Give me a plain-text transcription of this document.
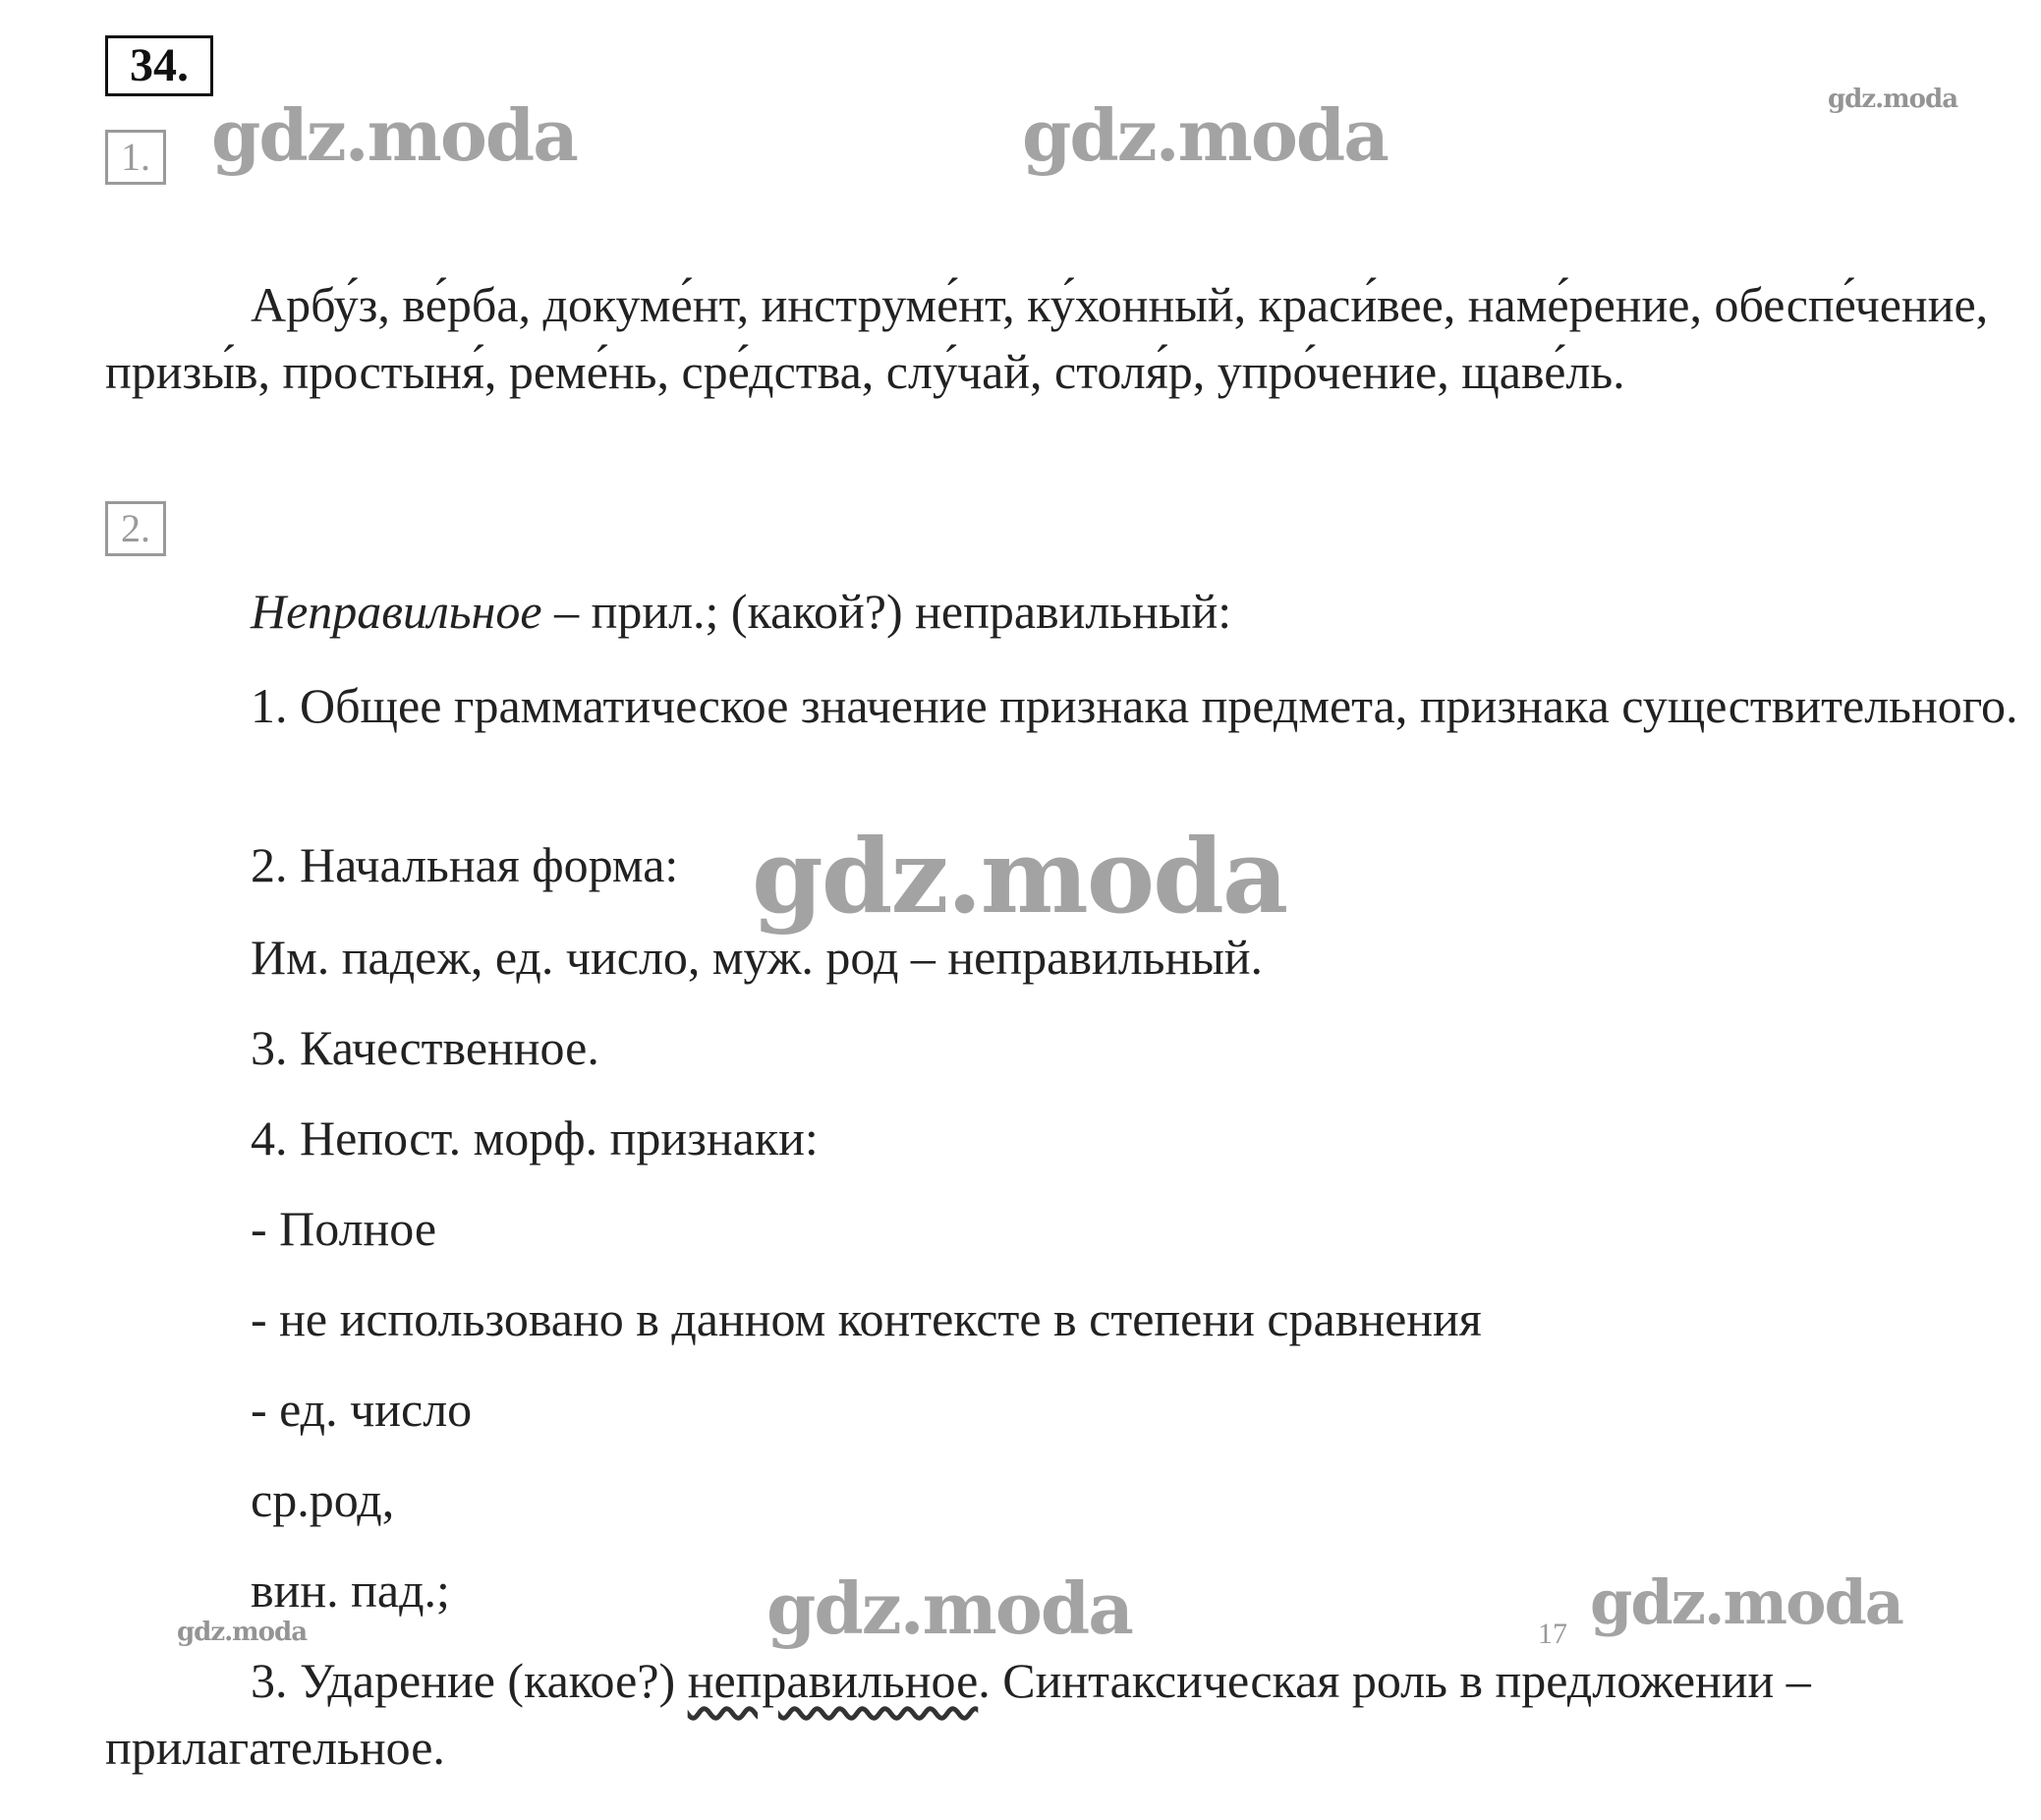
34.
1.
2.
Арбу́з, ве́рба, докуме́нт, инструме́нт, ку́хонный, краси́вее, наме́рение, обеспе́чение, призы́в, простыня́, реме́нь, сре́дства, слу́чай, столя́р, упро́чение, щаве́ль.
Неправильное – прил.; (какой?) неправильный:
1. Общее грамматическое значение признака предмета, признака существительного.
2. Начальная форма:
Им. падеж, ед. число, муж. род – неправильный.
3. Качественное.
4. Непост. морф. признаки:
- Полное
- не использовано в данном контексте в степени сравнения
- ед. число
ср.род,
вин. пад.;
3. Ударение (какое?) неправильное. Синтаксическая роль в предложении – прилагательное.
17
gdz.moda	gdz.moda	gdz.moda
gdz.moda
gdz.moda
gdz.moda	gdz.moda
